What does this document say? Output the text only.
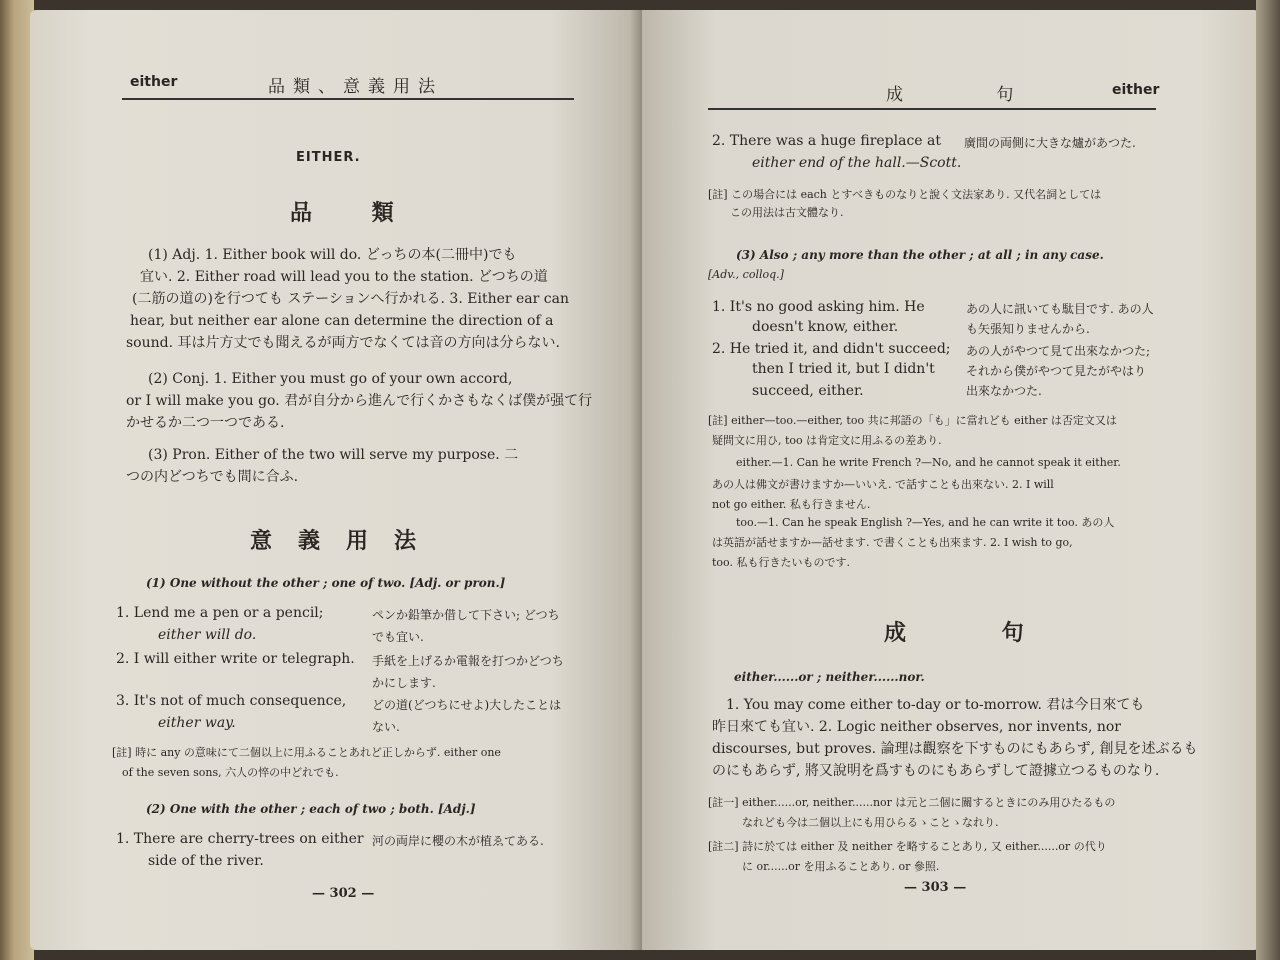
either	品類、意義用法
EITHER.
品 類
(1) Adj. 1. Either book will do. どっちの本(二冊中)でも
宜い. 2. Either road will lead you to the station. どつちの道
(二筋の道の)を行つても ステーションへ行かれる. 3. Either ear can
hear, but neither ear alone can determine the direction of a
sound. 耳は片方丈でも聞えるが両方でなくては音の方向は分らない.
(2) Conj. 1. Either you must go of your own accord,
or I will make you go. 君が自分から進んで行くかさもなくば僕が强て行
かせるか二つ一つである.
(3) Pron. Either of the two will serve my purpose. 二
つの内どつちでも間に合ふ.
意義用法
(1) One without the other ; one of two. [Adj. or pron.]
1. Lend me a pen or a pencil;
either will do.
2. I will either write or telegraph.
3. It's not of much consequence,
either way.
ペンか鉛筆か借して下さい; どつち
でも宜い.
手紙を上げるか電報を打つかどつち
かにします.
どの道(どつちにせよ)大したことは
ない.
[註] 時に any の意味にて二個以上に用ふることあれど正しからず. either one
of the seven sons, 六人の悴の中どれでも.
(2) One with the other ; each of two ; both. [Adj.]
1. There are cherry-trees on either
side of the river.
河の両岸に櫻の木が植ゑてある.
— 302 —
成 句	either
2. There was a huge fireplace at
either end of the hall.—Scott.
廣間の両側に大きな爐があつた.
[註] この場合には each とすべきものなりと說く文法家あり. 又代名詞としては
この用法は古文體なり.
(3) Also ; any more than the other ; at all ; in any case.
[Adv., colloq.]
1. It's no good asking him. He
doesn't know, either.
2. He tried it, and didn't succeed;
then I tried it, but I didn't
succeed, either.
あの人に訊いても駄目です. あの人
も矢張知りませんから.
あの人がやつて見て出來なかつた;
それから僕がやつて見たがやはり
出來なかつた.
[註] either—too.—either, too 共に邦語の「も」に當れども either は否定文又は
疑問文に用ひ, too は肯定文に用ふるの差あり.
either.—1. Can he write French ?—No, and he cannot speak it either.
あの人は佛文が書けますか—いいえ. で話すことも出來ない. 2. I will
not go either. 私も行きません.
too.—1. Can he speak English ?—Yes, and he can write it too. あの人
は英語が話せますか—話せます. で書くことも出來ます. 2. I wish to go,
too. 私も行きたいものです.
成 句
either......or ; neither......nor.
1. You may come either to-day or to-morrow. 君は今日來ても
昨日來ても宜い. 2. Logic neither observes, nor invents, nor
discourses, but proves. 論理は觀察を下すものにもあらず, 創見を述ぶるも
のにもあらず, 將又說明を爲すものにもあらずして證據立つるものなり.
[註一] either......or, neither......nor は元と二個に關するときにのみ用ひたるもの
なれども今は二個以上にも用ひらるゝことゝなれり.
[註二] 詩に於ては either 及 neither を略することあり, 又 either......or の代り
に or......or を用ふることあり. or 參照.
— 303 —
